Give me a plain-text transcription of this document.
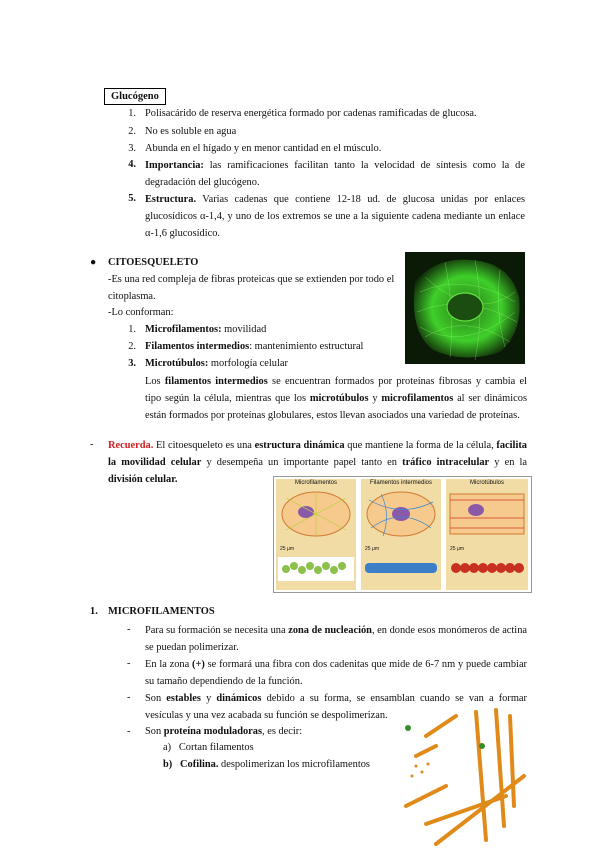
Glucógeno
1. Polisacárido de reserva energética formado por cadenas ramificadas de glucosa.
2. No es soluble en agua
3. Abunda en el hígado y en menor cantidad en el músculo.
4. Importancia: las ramificaciones facilitan tanto la velocidad de síntesis como la de degradación del glucógeno.
5. Estructura. Varias cadenas que contiene 12-18 ud. de glucosa unidas por enlaces glucosídicos α-1,4, y uno de los extremos se une a la siguiente cadena mediante un enlace α-1,6 glucosídico.
● CITOESQUELETO
-Es una red compleja de fibras proteicas que se extienden por todo el citoplasma.
-Lo conforman:
1. Microfilamentos: movilidad
2. Filamentos intermedios: mantenimiento estructural
3. Microtúbulos: morfología celular
Los filamentos intermedios se encuentran formados por proteínas fibrosas y cambia el tipo según la célula, mientras que los microtúbulos y microfilamentos al ser dinámicos están formados por proteínas globulares, estos llevan asociados una variedad de proteínas.
- Recuerda. El citoesqueleto es una estructura dinámica que mantiene la forma de la célula, facilita la movilidad celular y desempeña un importante papel tanto en tráfico intracelular y en la división celular.	Microfilamentos
25 μm
Filamentos intermedios
25 μm
Microtúbulos
25 μm
1. MICROFILAMENTOS
- Para su formación se necesita una zona de nucleación, en donde esos monómeros de actina se puedan polimerizar.
- En la zona (+) se formará una fibra con dos cadenitas que mide de 6-7 nm y puede cambiar su tamaño dependiendo de la función.
- Son estables y dinámicos debido a su forma, se ensamblan cuando se van a formar vesículas y una vez acabada su función se despolimerizan.
- Son proteína moduladoras, es decir:
a) Cortan filamentos
b) Cofilina. despolimerizan los microfilamentos
